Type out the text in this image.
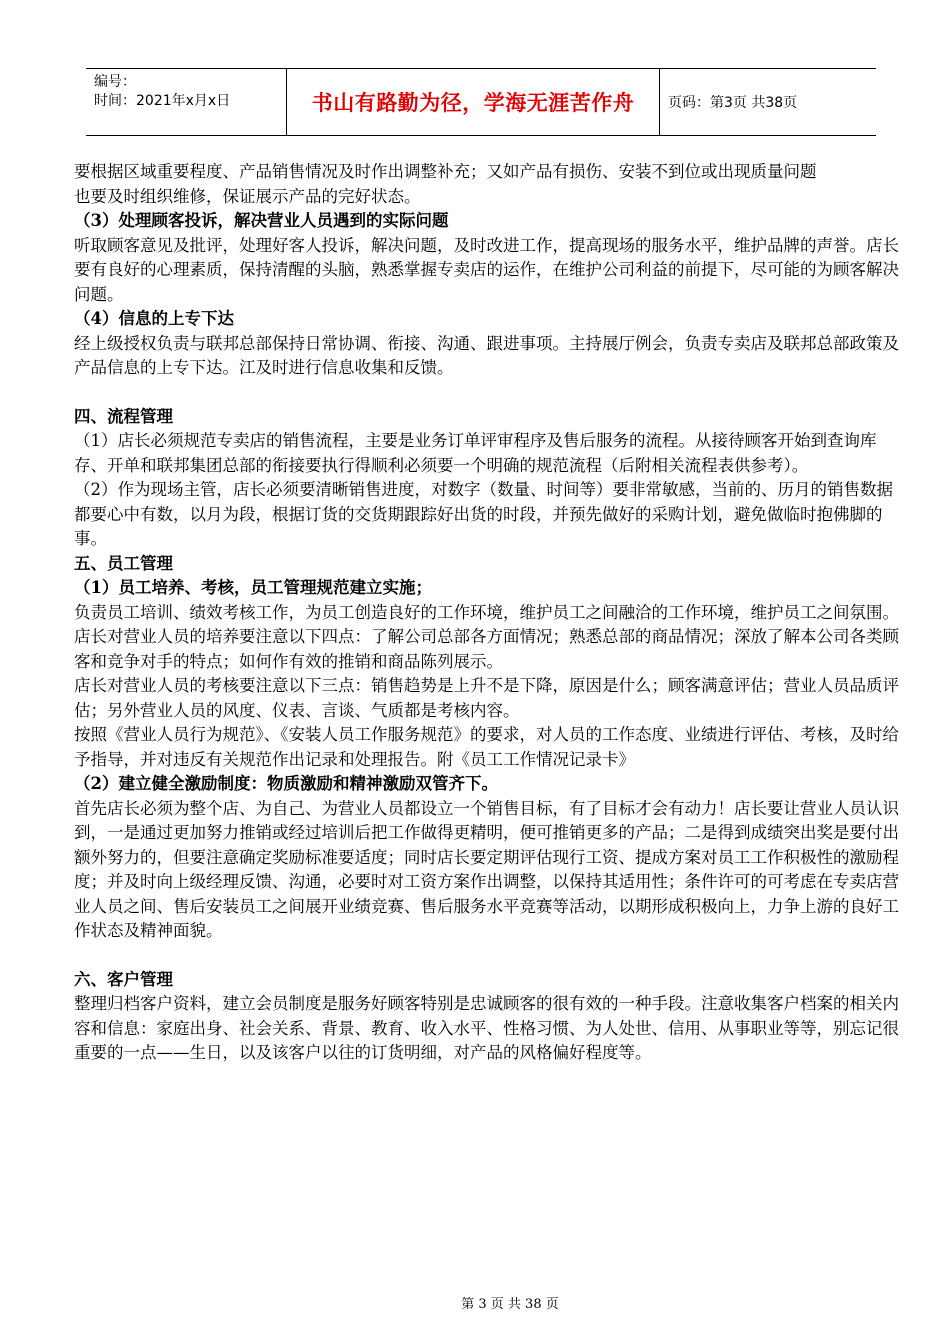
编号：
时间：2021年x月x日	书山有路勤为径，学海无涯苦作舟	页码：第3页 共38页

要根据区域重要程度、产品销售情况及时作出调整补充；又如产品有损伤、安装不到位或出现质量问题

也要及时组织维修，保证展示产品的完好状态。

（3）处理顾客投诉，解决营业人员遇到的实际问题

听取顾客意见及批评，处理好客人投诉，解决问题，及时改进工作，提高现场的服务水平，维护品牌的声誉。店长要有良好的心理素质，保持清醒的头脑，熟悉掌握专卖店的运作，在维护公司利益的前提下，尽可能的为顾客解决问题。

（4）信息的上专下达

经上级授权负责与联邦总部保持日常协调、衔接、沟通、跟进事项。主持展厅例会，负责专卖店及联邦总部政策及产品信息的上专下达。江及时进行信息收集和反馈。

四、流程管理

（1）店长必须规范专卖店的销售流程，主要是业务订单评审程序及售后服务的流程。从接待顾客开始到查询库存、开单和联邦集团总部的衔接要执行得顺利必须要一个明确的规范流程（后附相关流程表供参考）。

（2）作为现场主管，店长必须要清晰销售进度，对数字（数量、时间等）要非常敏感，当前的、历月的销售数据都要心中有数，以月为段，根据订货的交货期跟踪好出货的时段，并预先做好的采购计划，避免做临时抱佛脚的事。

五、员工管理

（1）员工培养、考核，员工管理规范建立实施；

负责员工培训、绩效考核工作，为员工创造良好的工作环境，维护员工之间融洽的工作环境，维护员工之间氛围。

店长对营业人员的培养要注意以下四点：了解公司总部各方面情况；熟悉总部的商品情况；深放了解本公司各类顾客和竞争对手的特点；如何作有效的推销和商品陈列展示。

店长对营业人员的考核要注意以下三点：销售趋势是上升不是下降，原因是什么；顾客满意评估；营业人员品质评估；另外营业人员的风度、仪表、言谈、气质都是考核内容。

按照《营业人员行为规范》、《安装人员工作服务规范》的要求，对人员的工作态度、业绩进行评估、考核，及时给予指导，并对违反有关规范作出记录和处理报告。附《员工工作情况记录卡》

（2）建立健全激励制度：物质激励和精神激励双管齐下。

首先店长必须为整个店、为自己、为营业人员都设立一个销售目标，有了目标才会有动力！店长要让营业人员认识到，一是通过更加努力推销或经过培训后把工作做得更精明，便可推销更多的产品；二是得到成绩突出奖是要付出额外努力的，但要注意确定奖励标准要适度；同时店长要定期评估现行工资、提成方案对员工工作积极性的激励程度；并及时向上级经理反馈、沟通，必要时对工资方案作出调整，以保持其适用性；条件许可的可考虑在专卖店营业人员之间、售后安装员工之间展开业绩竞赛、售后服务水平竞赛等活动，以期形成积极向上，力争上游的良好工作状态及精神面貌。

六、客户管理

整理归档客户资料，建立会员制度是服务好顾客特别是忠诚顾客的很有效的一种手段。注意收集客户档案的相关内容和信息：家庭出身、社会关系、背景、教育、收入水平、性格习惯、为人处世、信用、从事职业等等，别忘记很重要的一点——生日，以及该客户以往的订货明细，对产品的风格偏好程度等。

第 3 页 共 38 页
